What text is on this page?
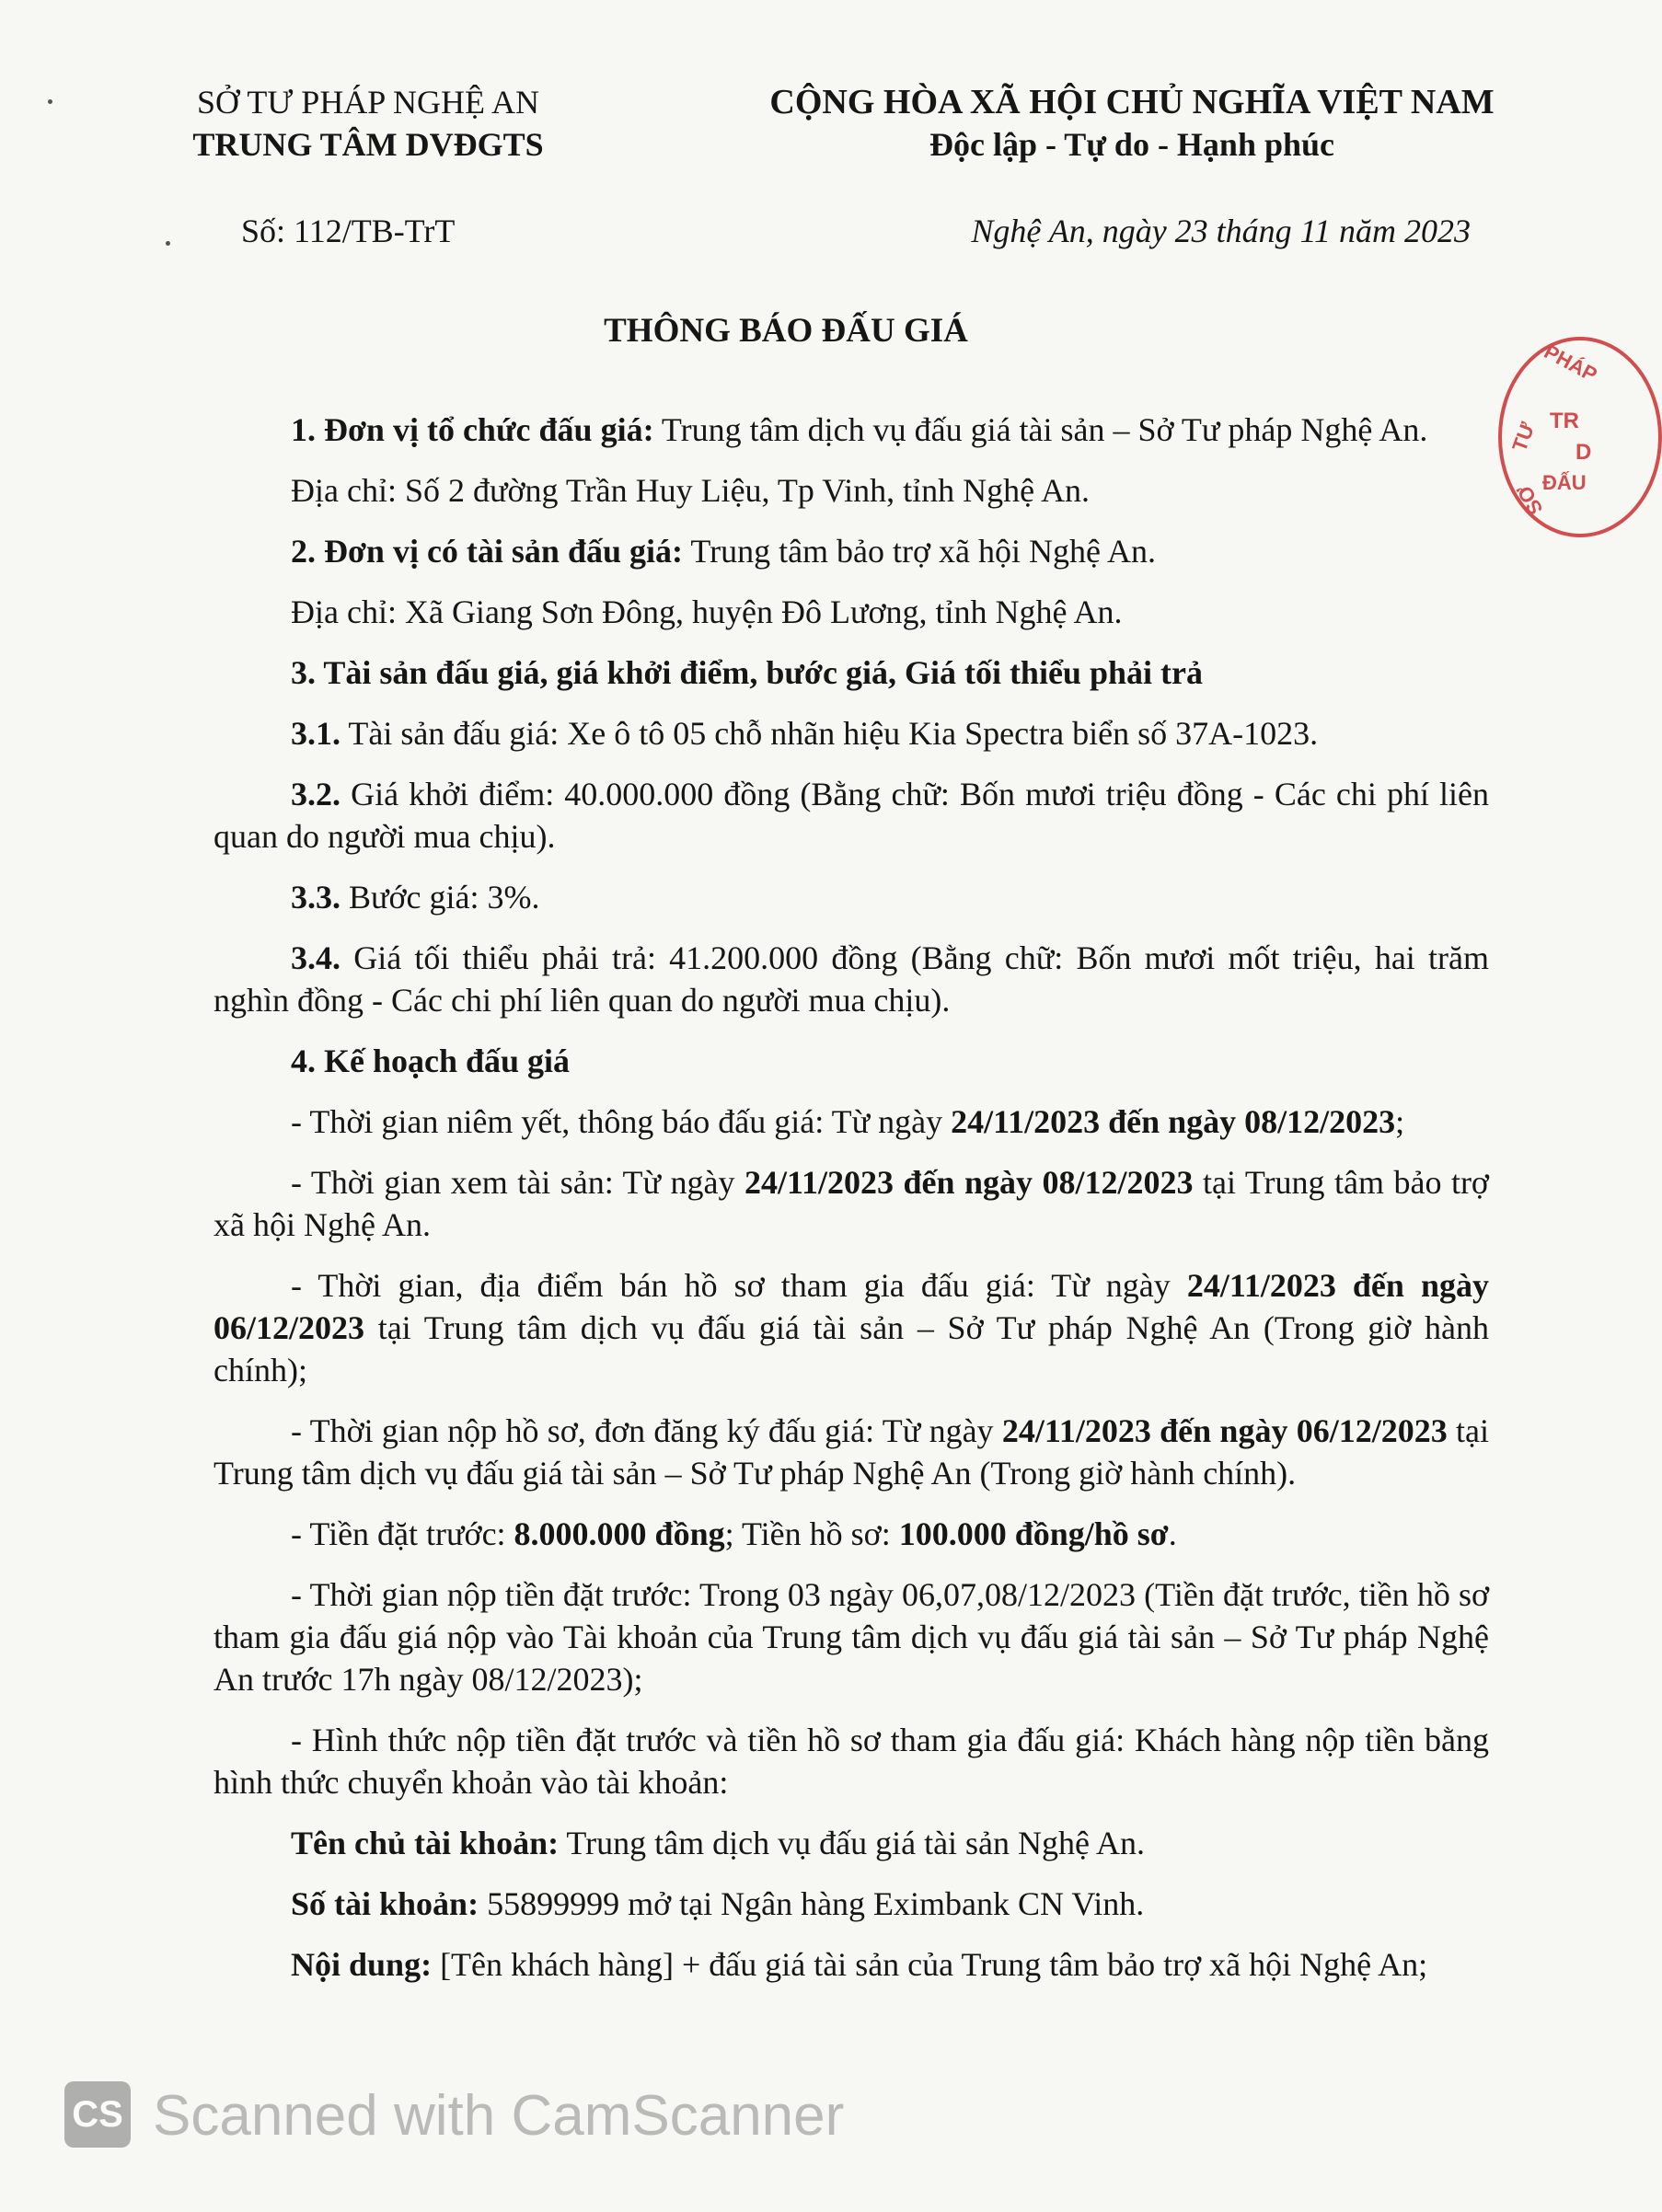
SỞ TƯ PHÁP NGHỆ AN
TRUNG TÂM DVĐGTS
CỘNG HÒA XÃ HỘI CHỦ NGHĨA VIỆT NAM
Độc lập - Tự do - Hạnh phúc
Số: 112/TB-TrT	Nghệ An, ngày 23 tháng 11 năm 2023
THÔNG BÁO ĐẤU GIÁ
PHÁP
TƯ TR
D
ĐẤU
SỞ

1. Đơn vị tổ chức đấu giá: Trung tâm dịch vụ đấu giá tài sản – Sở Tư pháp Nghệ An.

Địa chỉ: Số 2 đường Trần Huy Liệu, Tp Vinh, tỉnh Nghệ An.

2. Đơn vị có tài sản đấu giá: Trung tâm bảo trợ xã hội Nghệ An.

Địa chỉ: Xã Giang Sơn Đông, huyện Đô Lương, tỉnh Nghệ An.

3. Tài sản đấu giá, giá khởi điểm, bước giá, Giá tối thiểu phải trả

3.1. Tài sản đấu giá: Xe ô tô 05 chỗ nhãn hiệu Kia Spectra biển số 37A-1023.

3.2. Giá khởi điểm: 40.000.000 đồng (Bằng chữ: Bốn mươi triệu đồng - Các chi phí liên quan do người mua chịu).

3.3. Bước giá: 3%.

3.4. Giá tối thiểu phải trả: 41.200.000 đồng (Bằng chữ: Bốn mươi mốt triệu, hai trăm nghìn đồng - Các chi phí liên quan do người mua chịu).

4. Kế hoạch đấu giá

- Thời gian niêm yết, thông báo đấu giá: Từ ngày 24/11/2023 đến ngày 08/12/2023;

- Thời gian xem tài sản: Từ ngày 24/11/2023 đến ngày 08/12/2023 tại Trung tâm bảo trợ xã hội Nghệ An.

- Thời gian, địa điểm bán hồ sơ tham gia đấu giá: Từ ngày 24/11/2023 đến ngày 06/12/2023 tại Trung tâm dịch vụ đấu giá tài sản – Sở Tư pháp Nghệ An (Trong giờ hành chính);

- Thời gian nộp hồ sơ, đơn đăng ký đấu giá: Từ ngày 24/11/2023 đến ngày 06/12/2023 tại Trung tâm dịch vụ đấu giá tài sản – Sở Tư pháp Nghệ An (Trong giờ hành chính).

- Tiền đặt trước: 8.000.000 đồng; Tiền hồ sơ: 100.000 đồng/hồ sơ.

- Thời gian nộp tiền đặt trước: Trong 03 ngày 06,07,08/12/2023 (Tiền đặt trước, tiền hồ sơ tham gia đấu giá nộp vào Tài khoản của Trung tâm dịch vụ đấu giá tài sản – Sở Tư pháp Nghệ An trước 17h ngày 08/12/2023);

- Hình thức nộp tiền đặt trước và tiền hồ sơ tham gia đấu giá: Khách hàng nộp tiền bằng hình thức chuyển khoản vào tài khoản:

Tên chủ tài khoản: Trung tâm dịch vụ đấu giá tài sản Nghệ An.

Số tài khoản: 55899999 mở tại Ngân hàng Eximbank CN Vinh.

Nội dung: [Tên khách hàng] + đấu giá tài sản của Trung tâm bảo trợ xã hội Nghệ An;

CS Scanned with CamScanner
